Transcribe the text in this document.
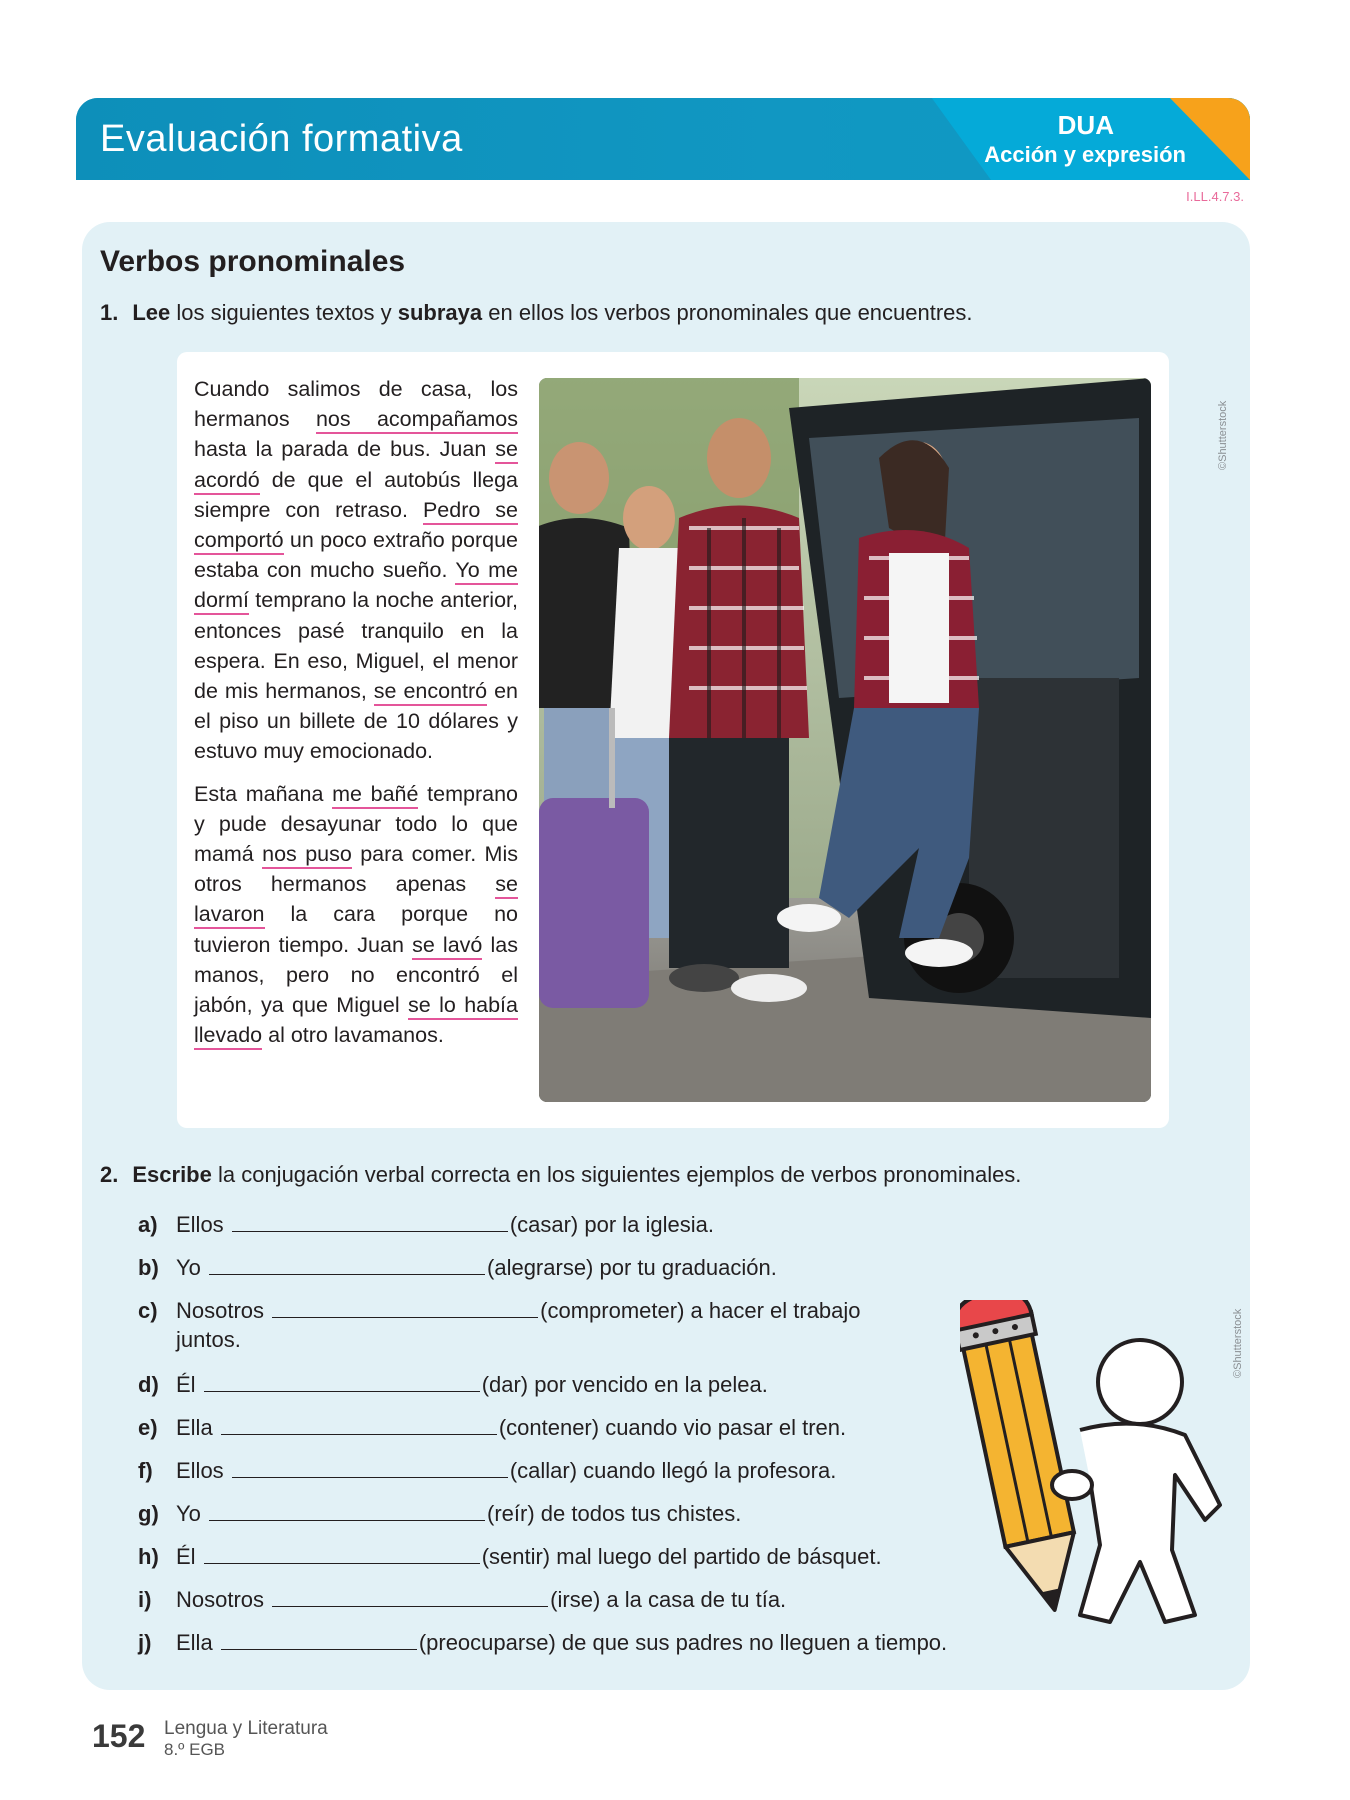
Evaluación formativa	DUA
Acción y expresión
I.LL.4.7.3.
Verbos pronominales
1. Lee los siguientes textos y subraya en ellos los verbos pronominales que encuentres.

Cuando salimos de casa, los hermanos nos acompañamos hasta la parada de bus. Juan se acordó de que el autobús llega siempre con retraso. Pedro se comportó un poco extraño porque estaba con mucho sueño. Yo me dormí temprano la noche anterior, entonces pasé tranquilo en la espera. En eso, Miguel, el menor de mis hermanos, se encontró en el piso un billete de 10 dólares y estuvo muy emocionado.

Esta mañana me bañé temprano y pude desayunar todo lo que mamá nos puso para comer. Mis otros hermanos apenas se lavaron la cara porque no tuvieron tiempo. Juan se lavó las manos, pero no encontró el jabón, ya que Miguel se lo había llevado al otro lavamanos.

©Shutterstock
2. Escribe la conjugación verbal correcta en los siguientes ejemplos de verbos pronominales.
a) Ellos	(casar) por la iglesia.
b) Yo	(alegrarse) por tu graduación.
c) Nosotros	(comprometer) a hacer el trabajo
juntos.
d) Él	(dar) por vencido en la pelea.
e) Ella	(contener) cuando vio pasar el tren.
f) Ellos	(callar) cuando llegó la profesora.
g) Yo	(reír) de todos tus chistes.
h) Él	(sentir) mal luego del partido de básquet.
i) Nosotros	(irse) a la casa de tu tía.
j) Ella	(preocuparse) de que sus padres no lleguen a tiempo.
©Shutterstock
152 Lengua y Literatura
8.º EGB
